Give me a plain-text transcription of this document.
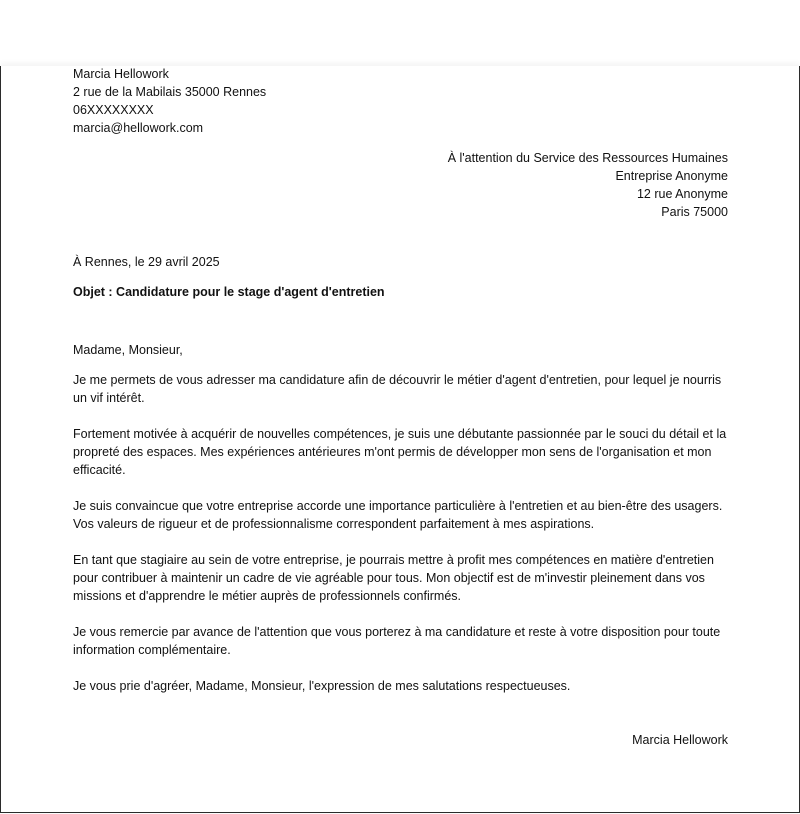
Marcia Hellowork
2 rue de la Mabilais 35000 Rennes
06XXXXXXXX
marcia@hellowork.com
À l'attention du Service des Ressources Humaines
Entreprise Anonyme
12 rue Anonyme
Paris 75000
À Rennes, le 29 avril 2025
Objet : Candidature pour le stage d'agent d'entretien
Madame, Monsieur,

Je me permets de vous adresser ma candidature afin de découvrir le métier d'agent d'entretien, pour lequel je nourris un vif intérêt.

Fortement motivée à acquérir de nouvelles compétences, je suis une débutante passionnée par le souci du détail et la propreté des espaces. Mes expériences antérieures m'ont permis de développer mon sens de l'organisation et mon efficacité.

Je suis convaincue que votre entreprise accorde une importance particulière à l'entretien et au bien-être des usagers. Vos valeurs de rigueur et de professionnalisme correspondent parfaitement à mes aspirations.

En tant que stagiaire au sein de votre entreprise, je pourrais mettre à profit mes compétences en matière d'entretien pour contribuer à maintenir un cadre de vie agréable pour tous. Mon objectif est de m'investir pleinement dans vos missions et d'apprendre le métier auprès de professionnels confirmés.

Je vous remercie par avance de l'attention que vous porterez à ma candidature et reste à votre disposition pour toute information complémentaire.

Je vous prie d'agréer, Madame, Monsieur, l'expression de mes salutations respectueuses.

Marcia Hellowork
